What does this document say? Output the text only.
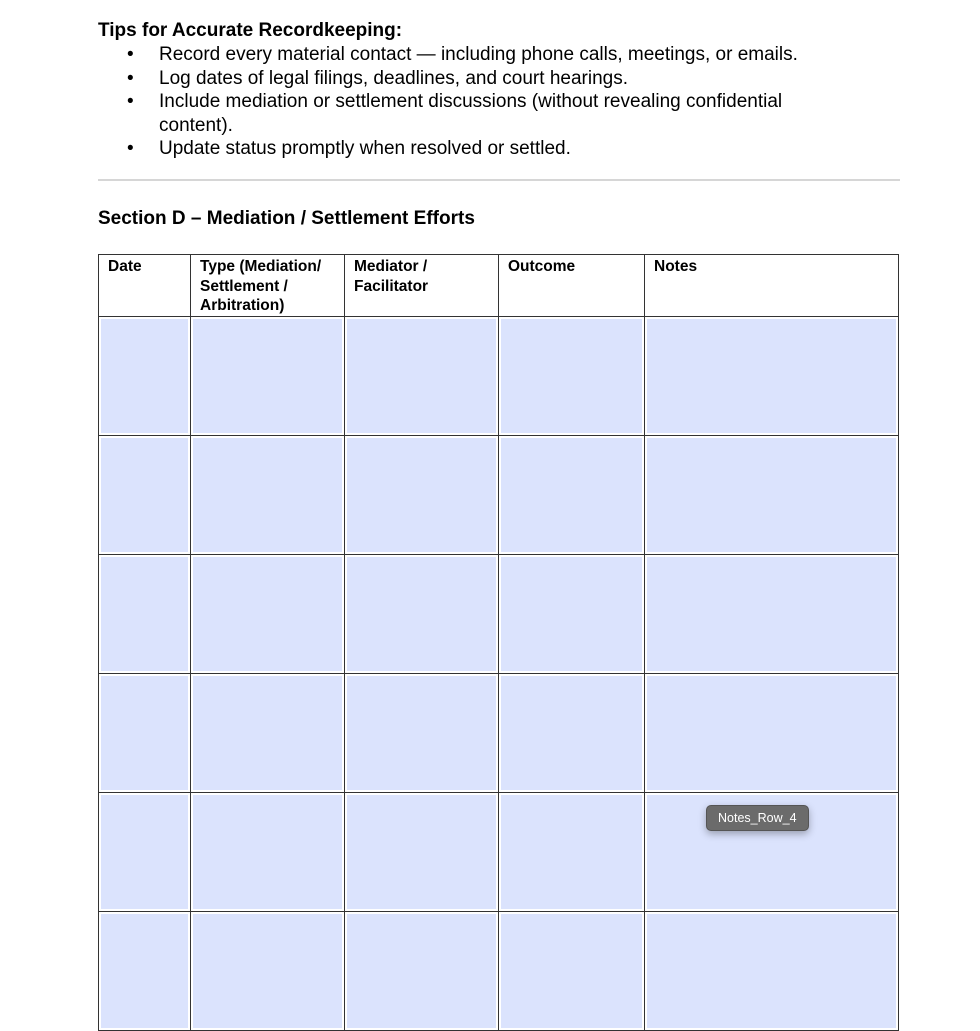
Tips for Accurate Recordkeeping:
• Record every material contact — including phone calls, meetings, or emails.
• Log dates of legal filings, deadlines, and court hearings.
• Include mediation or settlement discussions (without revealing confidential content).
• Update status promptly when resolved or settled.
Section D – Mediation / Settlement Efforts
Date	Type (Mediation/ Settlement / Arbitration)	Mediator / Facilitator	Outcome	Notes

Notes_Row_4
